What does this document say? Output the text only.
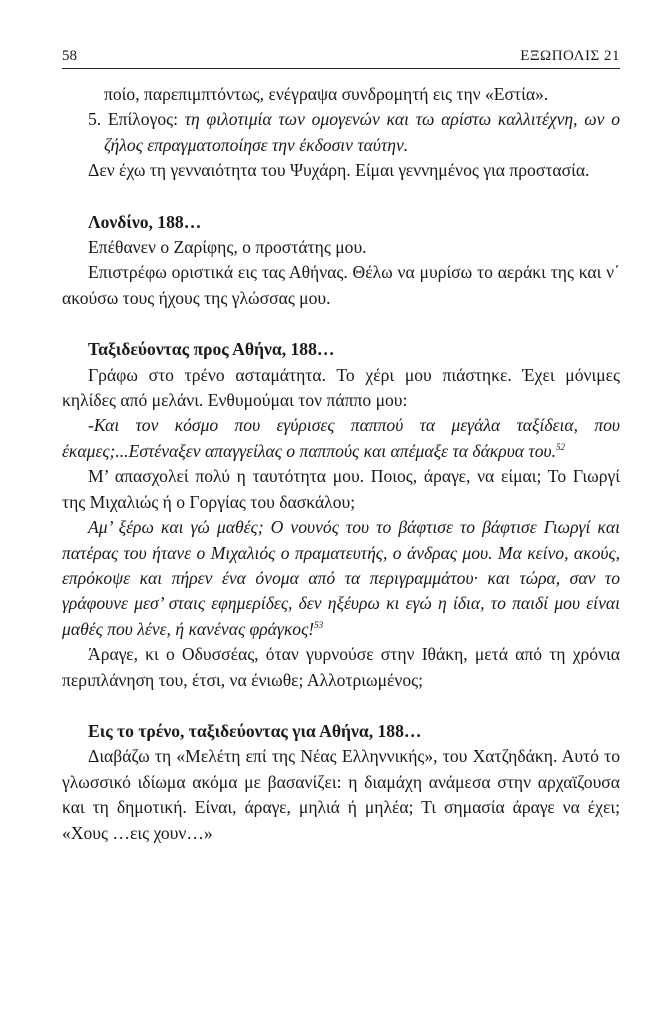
58	ΕΞΩΠΟΛΙΣ 21

ποίο, παρεπιμπτόντως, ενέγραψα συνδρομητή εις την «Εστία».

5. Επίλογος: τη φιλοτιμία των ομογενών και τω αρίστω καλλιτέχνη, ων ο ζήλος επραγματοποίησε την έκδοσιν ταύτην.

Δεν έχω τη γενναιότητα του Ψυχάρη. Είμαι γεννημένος για προστασία.

Λονδίνο, 188…

Επέθανεν ο Ζαρίφης, ο προστάτης μου.

Επιστρέφω οριστικά εις τας Αθήνας. Θέλω να μυρίσω το αεράκι της και ν΄ ακούσω τους ήχους της γλώσσας μου.

Ταξιδεύοντας προς Αθήνα, 188…

Γράφω στο τρένο ασταμάτητα. Το χέρι μου πιάστηκε. Έχει μόνιμες κηλίδες από μελάνι. Ενθυμούμαι τον πάππο μου:

-Και τον κόσμο που εγύρισες παππού τα μεγάλα ταξίδεια, που έκαμες;...Εστέναξεν απαγγείλας ο παππούς και απέμαξε τα δάκρυα του.$^{52}$

Μ’ απασχολεί πολύ η ταυτότητα μου. Ποιος, άραγε, να είμαι; Το Γιωργί της Μιχαλιώς ή ο Γοργίας του δασκάλου;

Αμ’ ξέρω και γώ μαθές; Ο νουνός του το βάφτισε το βάφτισε Γιωργί και πατέρας του ήτανε ο Μιχαλιός ο πραματευτής, ο άνδρας μου. Μα κείνο, ακούς, επρόκοψε και πήρεν ένα όνομα από τα περιγραμμάτου· και τώρα, σαν το γράφουνε μεσ’ σταις εφημερίδες, δεν ηξέυρω κι εγώ η ίδια, το παιδί μου είναι μαθές που λένε, ή κανένας φράγκος!$^{53}$

Άραγε, κι ο Οδυσσέας, όταν γυρνούσε στην Ιθάκη, μετά από τη χρόνια περιπλάνηση του, έτσι, να ένιωθε; Αλλοτριωμένος;

Εις το τρένο, ταξιδεύοντας για Αθήνα, 188…

Διαβάζω τη «Μελέτη επί της Νέας Ελληννικής», του Χατζηδάκη. Αυτό το γλωσσικό ιδίωμα ακόμα με βασανίζει: η διαμάχη ανάμεσα στην αρχαϊζουσα και τη δημοτική. Είναι, άραγε, μηλιά ή μηλέα; Τι σημασία άραγε να έχει; «Χους …εις χουν…»
